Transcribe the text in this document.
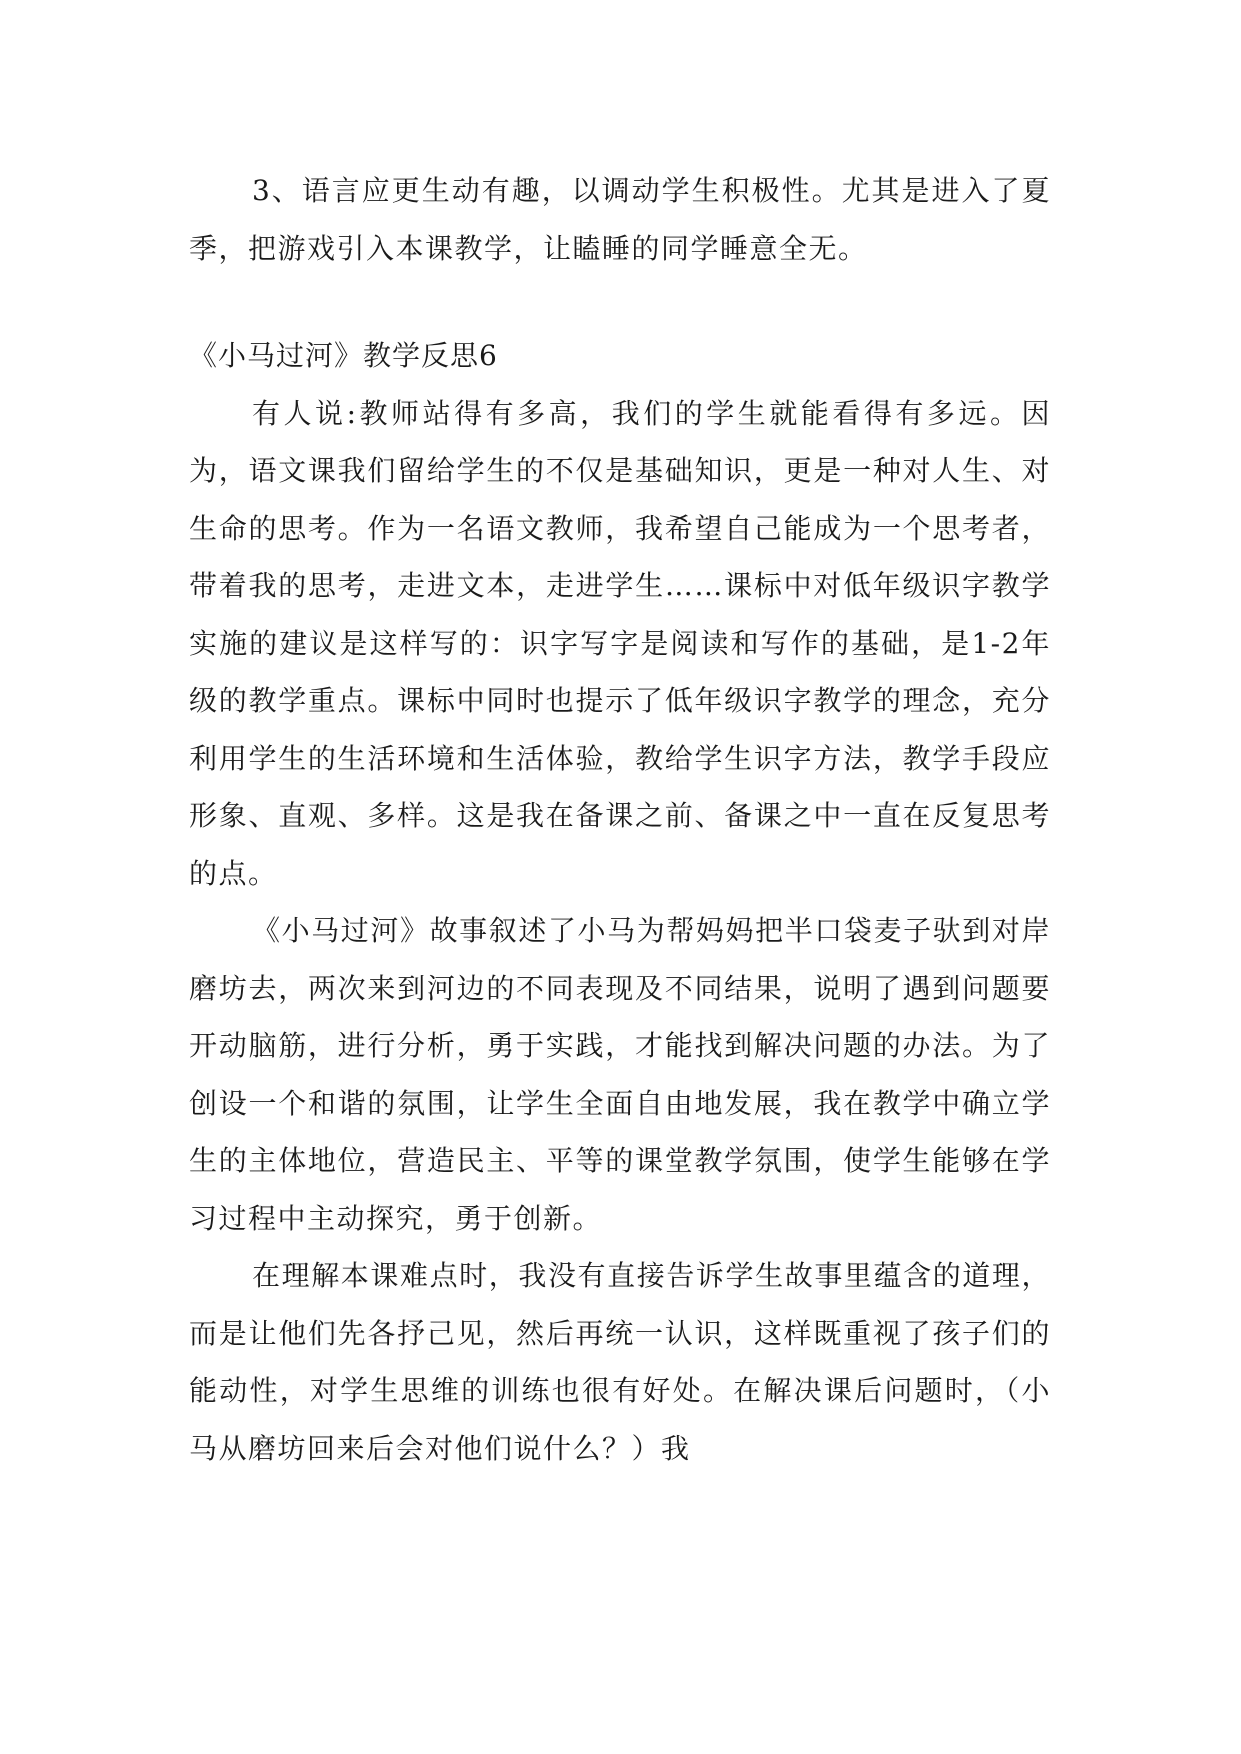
3、语言应更生动有趣，以调动学生积极性。尤其是进入了夏季，把游戏引入本课教学，让瞌睡的同学睡意全无。

《小马过河》教学反思6

有人说:教师站得有多高，我们的学生就能看得有多远。因为，语文课我们留给学生的不仅是基础知识，更是一种对人生、对生命的思考。作为一名语文教师，我希望自己能成为一个思考者，带着我的思考，走进文本，走进学生……课标中对低年级识字教学实施的建议是这样写的：识字写字是阅读和写作的基础，是1-2年级的教学重点。课标中同时也提示了低年级识字教学的理念，充分利用学生的生活环境和生活体验，教给学生识字方法，教学手段应形象、直观、多样。这是我在备课之前、备课之中一直在反复思考的点。

《小马过河》故事叙述了小马为帮妈妈把半口袋麦子驮到对岸磨坊去，两次来到河边的不同表现及不同结果，说明了遇到问题要开动脑筋，进行分析，勇于实践，才能找到解决问题的办法。为了创设一个和谐的氛围，让学生全面自由地发展，我在教学中确立学生的主体地位，营造民主、平等的课堂教学氛围，使学生能够在学习过程中主动探究，勇于创新。

在理解本课难点时，我没有直接告诉学生故事里蕴含的道理，而是让他们先各抒己见，然后再统一认识，这样既重视了孩子们的能动性，对学生思维的训练也很有好处。在解决课后问题时，（小马从磨坊回来后会对他们说什么？）我
